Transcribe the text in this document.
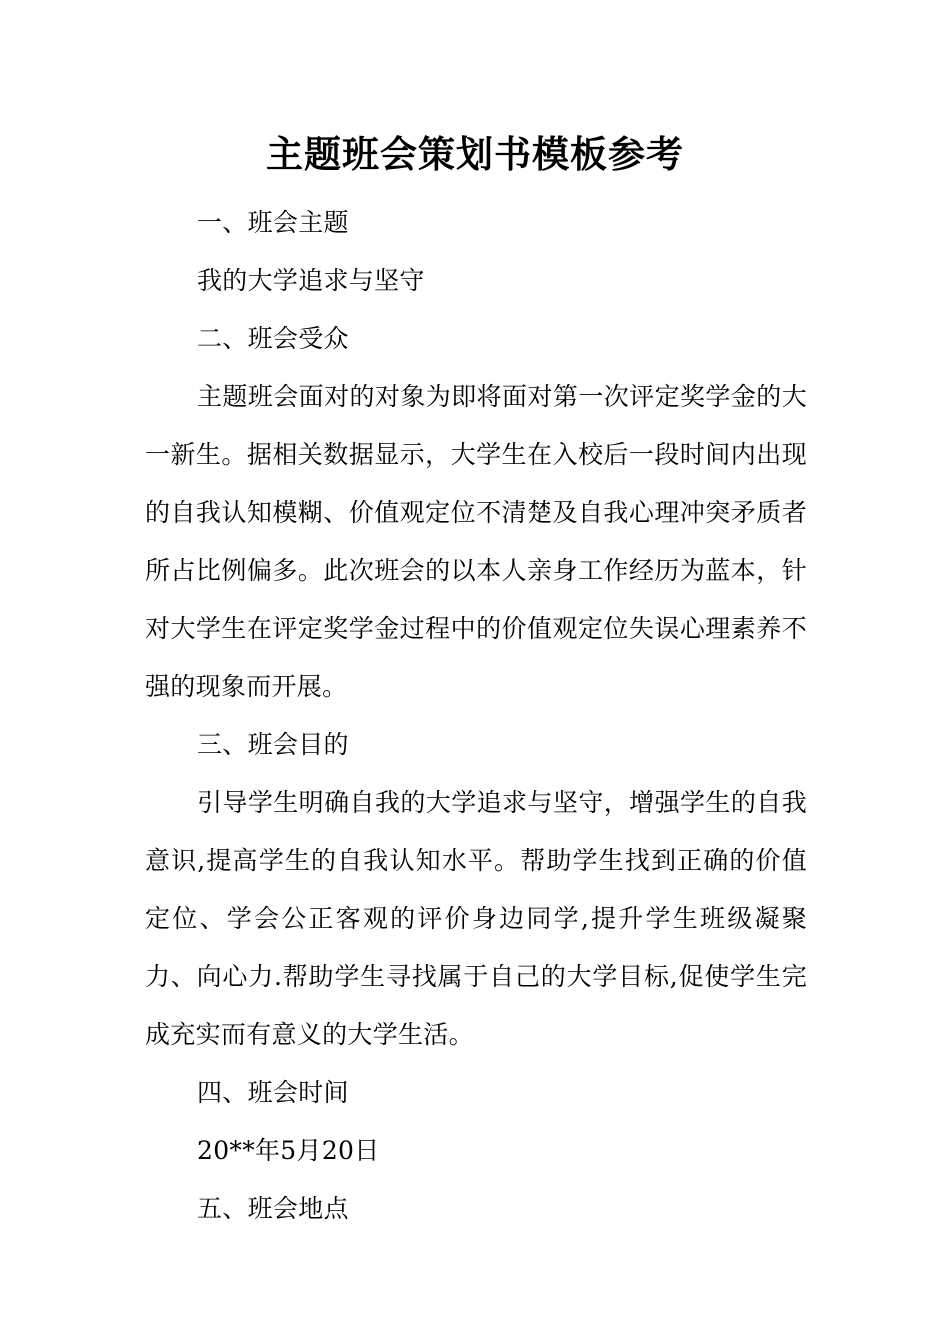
主题班会策划书模板参考

一、班会主题

我的大学追求与坚守

二、班会受众

主题班会面对的对象为即将面对第一次评定奖学金的大一新生。据相关数据显示，大学生在入校后一段时间内出现的自我认知模糊、价值观定位不清楚及自我心理冲突矛质者所占比例偏多。此次班会的以本人亲身工作经历为蓝本，针对大学生在评定奖学金过程中的价值观定位失误心理素养不强的现象而开展。

三、班会目的

引导学生明确自我的大学追求与坚守，增强学生的自我意识,提高学生的自我认知水平。帮助学生找到正确的价值定位、学会公正客观的评价身边同学,提升学生班级凝聚力、向心力.帮助学生寻找属于自己的大学目标,促使学生完成充实而有意义的大学生活。

四、班会时间

20**年5月20日

五、班会地点
